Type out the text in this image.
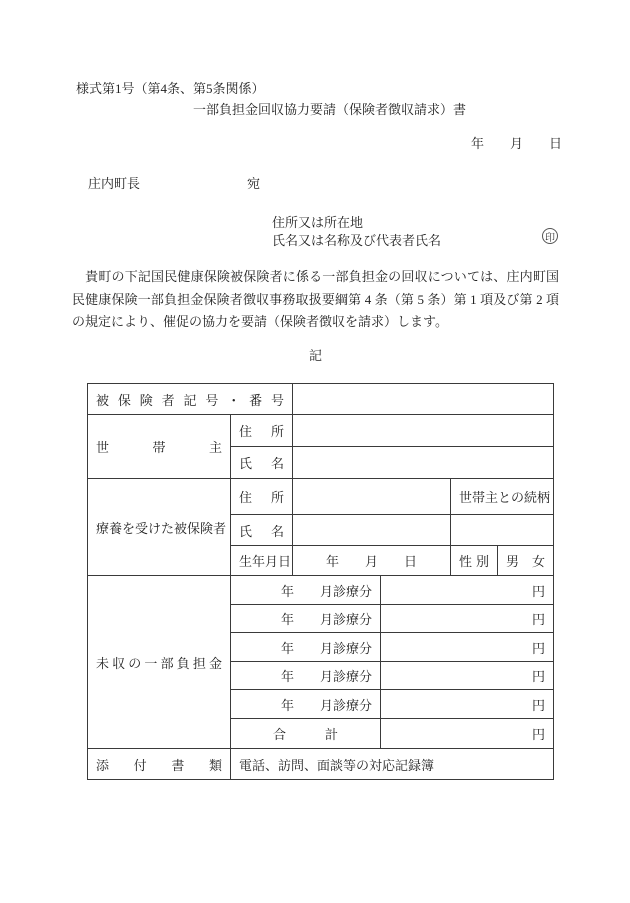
様式第1号（第4条、第5条関係）
一部負担金回収協力要請（保険者徴収請求）書
年　　月　　日
庄内町長	宛
住所又は所在地
氏名又は名称及び代表者氏名	印
　貴町の下記国民健康保険被保険者に係る一部負担金の回収については、庄内町国民健康保険一部負担金保険者徴収事務取扱要綱第 4 条（第 5 条）第 1 項及び第 2 項の規定により、催促の協力を要請（保険者徴収を請求）します。
記
被保険者記号・番号					
世帯主	住所				
	氏名				
療養を受けた被保険者	住所			世帯主との続柄	
	氏名				
	生年月日	年　　月　　日		性別	男女
未収の一部負担金	年　　月診療分		円		
	年　　月診療分		円		
	年　　月診療分		円		
	年　　月診療分		円		
	年　　月診療分		円		
	合　　　計		円		
添付書類	電話、訪問、面談等の対応記録簿				
